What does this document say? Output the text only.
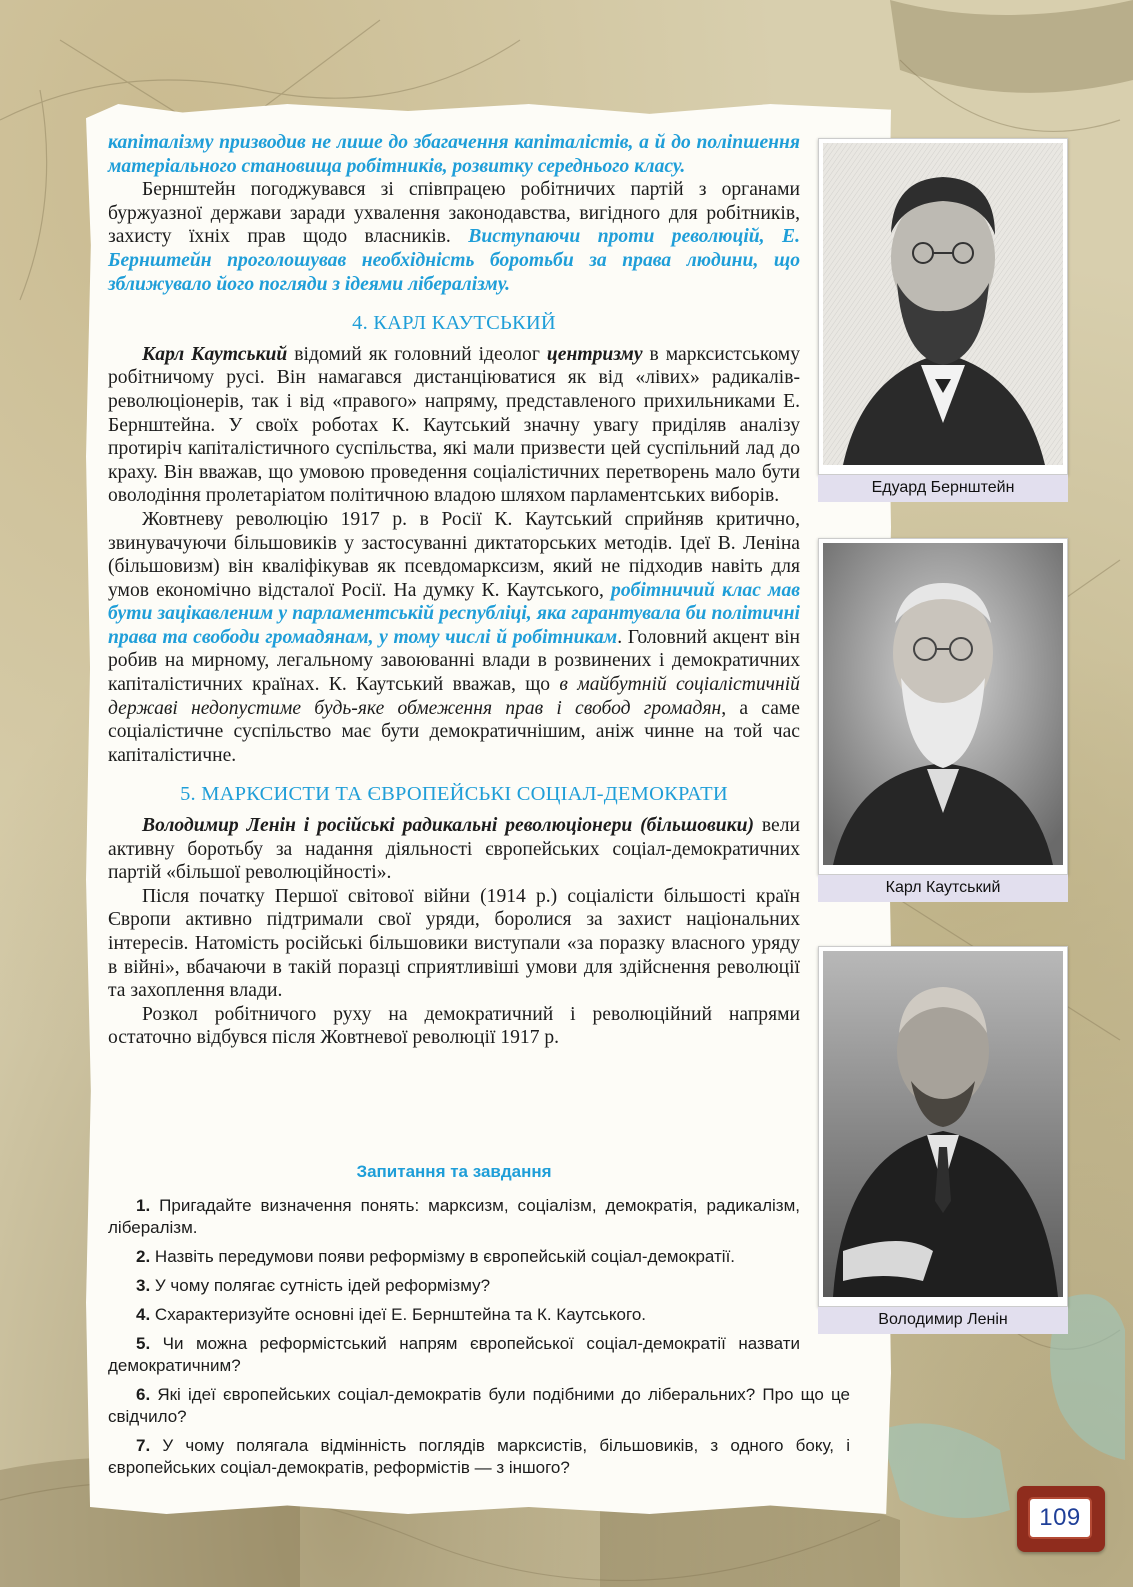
капіталізму призводив не лише до збагачення капіталістів, а й до поліпшення матеріального становища робітників, розвитку середнього класу.

Бернштейн погоджувався зі співпрацею робітничих партій з органами буржуазної держави заради ухвалення законодавства, вигідного для робітників, захисту їхніх прав щодо власників. Виступаючи проти революцій, Е. Бернштейн проголошував необхідність боротьби за права людини, що зближувало його погляди з ідеями лібералізму.

4. КАРЛ КАУТСЬКИЙ

Карл Каутський відомий як головний ідеолог центризму в марксистському робітничому русі. Він намагався дистанціюватися як від «лівих» радикалів-революціонерів, так і від «правого» напряму, представленого прихильниками Е. Бернштейна. У своїх роботах К. Каутський значну увагу приділяв аналізу протиріч капіталістичного суспільства, які мали призвести цей суспільний лад до краху. Він вважав, що умовою проведення соціалістичних перетворень мало бути оволодіння пролетаріатом політичною владою шляхом парламентських виборів.

Жовтневу революцію 1917 р. в Росії К. Каутський сприйняв критично, звинувачуючи більшовиків у застосуванні диктаторських методів. Ідеї В. Леніна (більшовизм) він кваліфікував як псевдомарксизм, який не підходив навіть для умов економічно відсталої Росії. На думку К. Каутського, робітничий клас мав бути зацікавленим у парламентській республіці, яка гарантувала би політичні права та свободи громадянам, у тому числі й робітникам. Головний акцент він робив на мирному, легальному завоюванні влади в розвинених і демократичних капіталістичних країнах. К. Каутський вважав, що в майбутній соціалістичній державі недопустиме будь-яке обмеження прав і свобод громадян, а саме соціалістичне суспільство має бути демократичнішим, аніж чинне на той час капіталістичне.

5. МАРКСИСТИ ТА ЄВРОПЕЙСЬКІ СОЦІАЛ-ДЕМОКРАТИ

Володимир Ленін і російські радикальні революціонери (більшовики) вели активну боротьбу за надання діяльності європейських соціал-демократичних партій «більшої революційності».

Після початку Першої світової війни (1914 р.) соціалісти більшості країн Європи активно підтримали свої уряди, боролися за захист національних інтересів. Натомість російські більшовики виступали «за поразку власного уряду в війні», вбачаючи в такій поразці сприятливіші умови для здійснення революції та захоплення влади.

Розкол робітничого руху на демократичний і революційний напрями остаточно відбувся після Жовтневої революції 1917 р.

Запитання та завдання
1. Пригадайте визначення понять: марксизм, соціалізм, демократія, радикалізм, лібералізм.
2. Назвіть передумови появи реформізму в європейській соціал-демократії.
3. У чому полягає сутність ідей реформізму?
4. Схарактеризуйте основні ідеї Е. Бернштейна та К. Каутського.
5. Чи можна реформістський напрям європейської соціал-демократії назвати демократичним?
6. Які ідеї європейських соціал-демократів були подібними до ліберальних? Про що це свідчило?
7. У чому полягала відмінність поглядів марксистів, більшовиків, з одного боку, і європейських соціал-демократів, реформістів — з іншого?
Едуард Бернштейн
Карл Каутський
Володимир Ленін
109
